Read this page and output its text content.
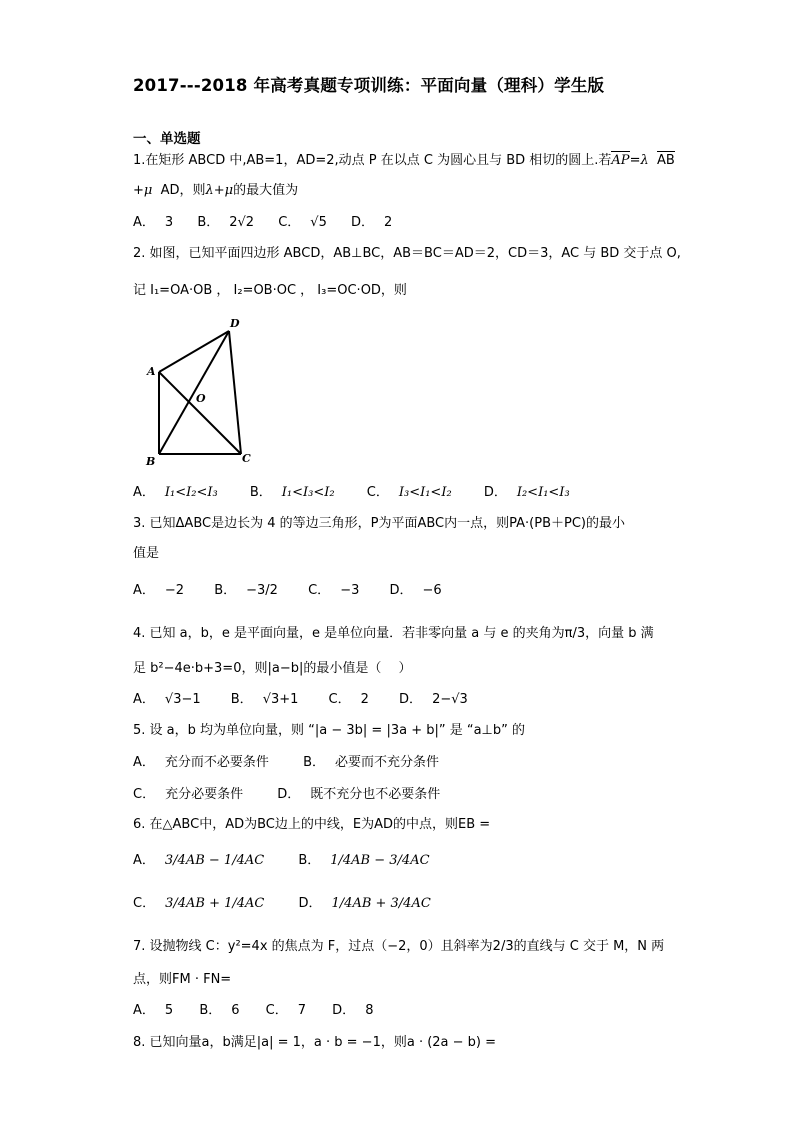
2017---2018 年高考真题专项训练：平面向量（理科）学生版
一、单选题
1.在矩形 ABCD 中,AB=1，AD=2,动点 P 在以点 C 为圆心且与 BD 相切的圆上.若AP=λ AB
+μ AD，则λ+μ的最大值为
A． 3 B． 2√2 C． √5 D． 2
2. 如图，已知平面四边形 ABCD，AB⊥BC，AB＝BC＝AD＝2，CD＝3，AC 与 BD 交于点 O,
记 I₁=OA·OB ， I₂=OB·OC ， I₃=OC·OD，则
A
B	C
D
O
A． I₁<I₂<I₃ B． I₁<I₃<I₂ C． I₃<I₁<I₂ D． I₂<I₁<I₃
3. 已知ΔABC是边长为 4 的等边三角形，P为平面ABC内一点，则PA·(PB＋PC)的最小
值是
A． −2 B． −3/2 C． −3 D． −6
4. 已知 a，b，e 是平面向量，e 是单位向量．若非零向量 a 与 e 的夹角为π/3，向量 b 满
足 b²−4e·b+3=0，则|a−b|的最小值是（　 ）
A． √3−1 B． √3+1 C． 2 D． 2−√3
5. 设 a，b 均为单位向量，则 “|a − 3b| = |3a + b|” 是 “a⊥b” 的
A． 充分而不必要条件	B． 必要而不充分条件
C． 充分必要条件	D． 既不充分也不必要条件
6. 在△ABC中，AD为BC边上的中线，E为AD的中点，则EB =
A． 3/4AB − 1/4AC	B． 1/4AB − 3/4AC
C． 3/4AB + 1/4AC	D． 1/4AB + 3/4AC
7. 设抛物线 C：y²=4x 的焦点为 F，过点（−2，0）且斜率为2/3的直线与 C 交于 M，N 两
点，则FM · FN=
A． 5 B． 6 C． 7 D． 8
8. 已知向量a，b满足|a| = 1，a · b = −1，则a · (2a − b) =
